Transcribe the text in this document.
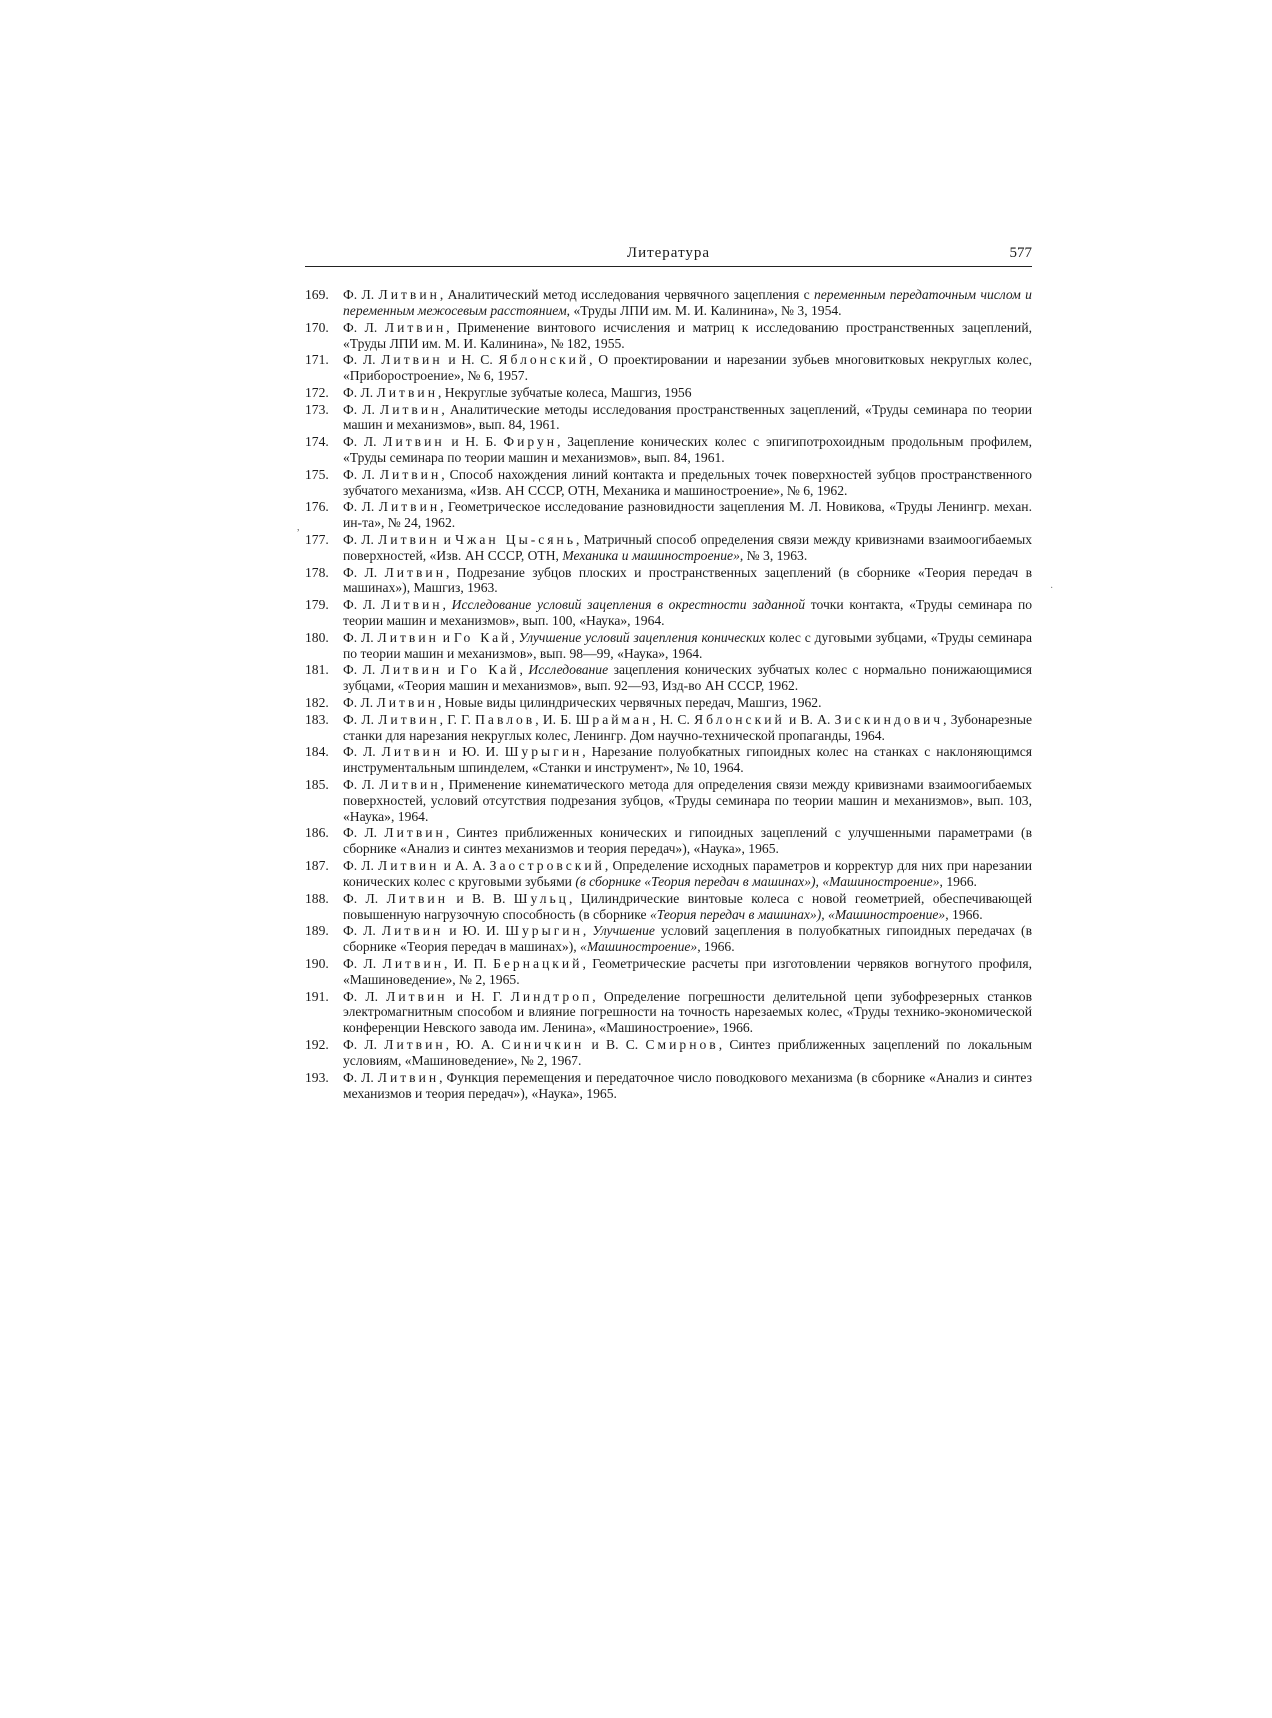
Литература	577
,
·
169. Ф. Л. Литвин, Аналитический метод исследования червячного зацепления с переменным передаточным числом и переменным межосевым расстоянием, «Труды ЛПИ им. М. И. Калинина», № 3, 1954.
170. Ф. Л. Литвин, Применение винтового исчисления и матриц к исследованию пространственных зацеплений, «Труды ЛПИ им. М. И. Калинина», № 182, 1955.
171. Ф. Л. Литвин и Н. С. Яблонский, О проектировании и нарезании зубьев многовитковых некруглых колес, «Приборостроение», № 6, 1957.
172. Ф. Л. Литвин, Некруглые зубчатые колеса, Машгиз, 1956
173. Ф. Л. Литвин, Аналитические методы исследования пространственных зацеплений, «Труды семинара по теории машин и механизмов», вып. 84, 1961.
174. Ф. Л. Литвин и Н. Б. Фирун, Зацепление конических колес с эпигипотрохоидным продольным профилем, «Труды семинара по теории машин и механизмов», вып. 84, 1961.
175. Ф. Л. Литвин, Способ нахождения линий контакта и предельных точек поверхностей зубцов пространственного зубчатого механизма, «Изв. АН СССР, ОТН, Механика и машиностроение», № 6, 1962.
176. Ф. Л. Литвин, Геометрическое исследование разновидности зацепления М. Л. Новикова, «Труды Ленингр. механ. ин-та», № 24, 1962.
177. Ф. Л. Литвин и Чжан Цы-сянь, Матричный способ определения связи между кривизнами взаимоогибаемых поверхностей, «Изв. АН СССР, ОТН, Механика и машиностроение», № 3, 1963.
178. Ф. Л. Литвин, Подрезание зубцов плоских и пространственных зацеплений (в сборнике «Теория передач в машинах»), Машгиз, 1963.
179. Ф. Л. Литвин, Исследование условий зацепления в окрестности заданной точки контакта, «Труды семинара по теории машин и механизмов», вып. 100, «Наука», 1964.
180. Ф. Л. Литвин и Го Кай, Улучшение условий зацепления конических колес с дуговыми зубцами, «Труды семинара по теории машин и механизмов», вып. 98—99, «Наука», 1964.
181. Ф. Л. Литвин и Го Кай, Исследование зацепления конических зубчатых колес с нормально понижающимися зубцами, «Теория машин и механизмов», вып. 92—93, Изд-во АН СССР, 1962.
182. Ф. Л. Литвин, Новые виды цилиндрических червячных передач, Машгиз, 1962.
183. Ф. Л. Литвин, Г. Г. Павлов, И. Б. Шрайман, Н. С. Яблонский и В. А. Зискиндович, Зубонарезные станки для нарезания некруглых колес, Ленингр. Дом научно-технической пропаганды, 1964.
184. Ф. Л. Литвин и Ю. И. Шурыгин, Нарезание полуобкатных гипоидных колес на станках с наклоняющимся инструментальным шпинделем, «Станки и инструмент», № 10, 1964.
185. Ф. Л. Литвин, Применение кинематического метода для определения связи между кривизнами взаимоогибаемых поверхностей, условий отсутствия подрезания зубцов, «Труды семинара по теории машин и механизмов», вып. 103, «Наука», 1964.
186. Ф. Л. Литвин, Синтез приближенных конических и гипоидных зацеплений с улучшенными параметрами (в сборнике «Анализ и синтез механизмов и теория передач»), «Наука», 1965.
187. Ф. Л. Литвин и А. А. Заостровский, Определение исходных параметров и корректур для них при нарезании конических колес с круговыми зубьями (в сборнике «Теория передач в машинах»), «Машиностроение», 1966.
188. Ф. Л. Литвин и В. В. Шульц, Цилиндрические винтовые колеса с новой геометрией, обеспечивающей повышенную нагрузочную способность (в сборнике «Теория передач в машинах»), «Машиностроение», 1966.
189. Ф. Л. Литвин и Ю. И. Шурыгин, Улучшение условий зацепления в полуобкатных гипоидных передачах (в сборнике «Теория передач в машинах»), «Машиностроение», 1966.
190. Ф. Л. Литвин, И. П. Бернацкий, Геометрические расчеты при изготовлении червяков вогнутого профиля, «Машиноведение», № 2, 1965.
191. Ф. Л. Литвин и Н. Г. Линдтроп, Определение погрешности делительной цепи зубофрезерных станков электромагнитным способом и влияние погрешности на точность нарезаемых колес, «Труды технико-экономической конференции Невского завода им. Ленина», «Машиностроение», 1966.
192. Ф. Л. Литвин, Ю. А. Синичкин и В. С. Смирнов, Синтез приближенных зацеплений по локальным условиям, «Машиноведение», № 2, 1967.
193. Ф. Л. Литвин, Функция перемещения и передаточное число поводкового механизма (в сборнике «Анализ и синтез механизмов и теория передач»), «Наука», 1965.
